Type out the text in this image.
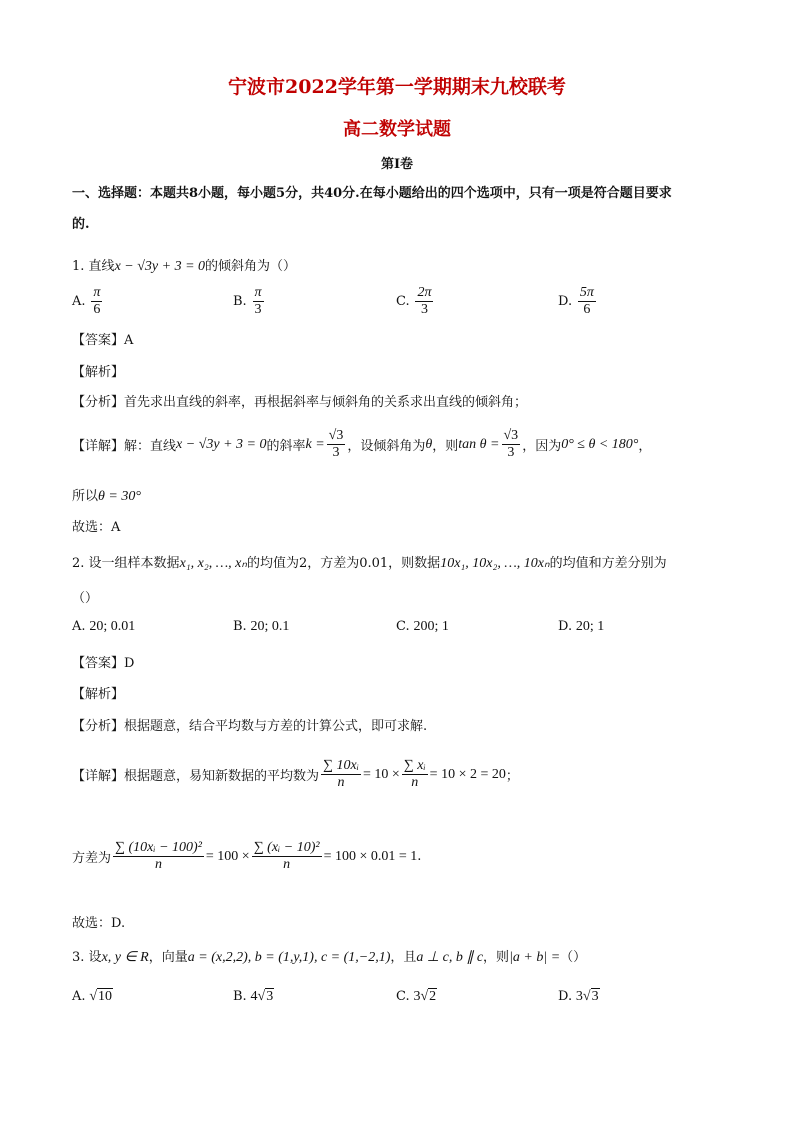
宁波市2022学年第一学期期末九校联考
高二数学试题
第I卷
一、选择题：本题共8小题，每小题5分，共40分.在每小题给出的四个选项中，只有一项是符合题目要求
的.
1. 直线x − √3y + 3 = 0的倾斜角为（）
A. $\frac{\pi}{6}$	B. $\frac{\pi}{3}$	C. $\frac{2\pi}{3}$	D. $\frac{5\pi}{6}$
【答案】A
【解析】
【分析】首先求出直线的斜率，再根据斜率与倾斜角的关系求出直线的倾斜角；
【详解】 解：直线 x − √3y + 3 = 0 的斜率 $k = \frac{√3}{3}$ ，设倾斜角为 θ ，则 $\tan \theta = \frac{√3}{3}$ ，因为 0° ≤ θ < 180° ，
所以θ = 30°
故选：A
2. 设一组样本数据x₁, x₂, …, xₙ的均值为2，方差为0.01，则数据10x₁, 10x₂, …, 10xₙ的均值和方差分别为
（）
A. 20; 0.01	B. 20; 0.1	C. 200; 1	D. 20; 1
【答案】D
【解析】
【分析】根据题意，结合平均数与方差的计算公式，即可求解.
【详解】 根据题意，易知新数据的平均数为 $\frac{\text{∑ 10xᵢ}}{n} = 10 \times \frac{\text{∑ xᵢ}}{n} = 10 \times 2 = 20$ ；
方差为 $\frac{\text{∑ (10xᵢ − 100)²}}{n} = 100 \times \frac{\text{∑ (xᵢ − 10)²}}{n} = 100 \times 0.01 = 1$ .
故选：D.
3. 设x, y ∈ R，向量a = (x,2,2), b = (1,y,1), c = (1,−2,1)，且a ⊥ c, b ∥ c，则|a + b| =（）
A. √10	B. 4√3	C. 3√2	D. 3√3
